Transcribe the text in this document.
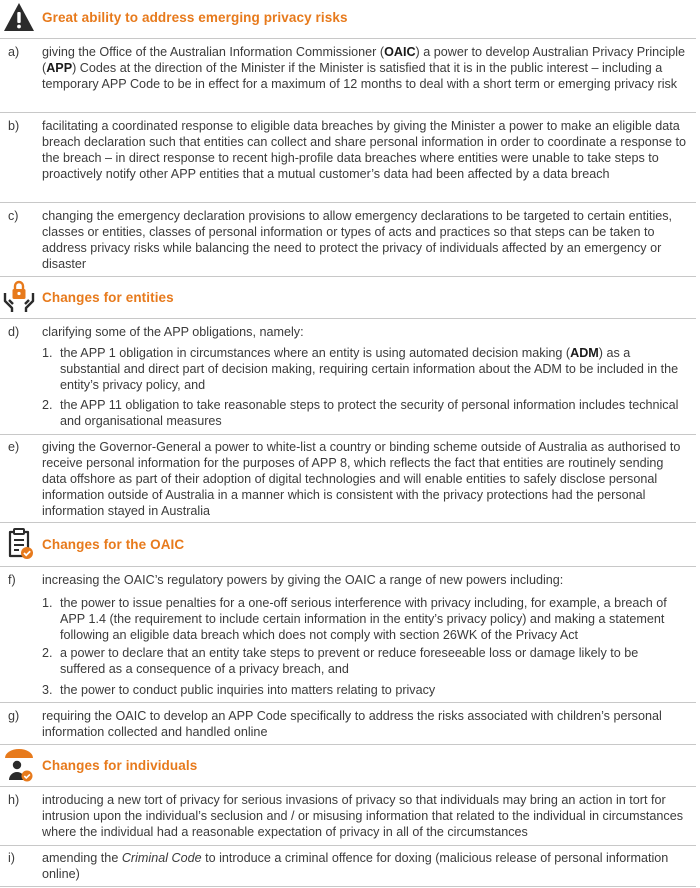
Great ability to address emerging privacy risks
a) giving the Office of the Australian Information Commissioner (OAIC) a power to develop Australian Privacy Principle (APP) Codes at the direction of the Minister if the Minister is satisfied that it is in the public interest – including a temporary APP Code to be in effect for a maximum of 12 months to deal with a short term or emerging privacy risk
b) facilitating a coordinated response to eligible data breaches by giving the Minister a power to make an eligible data breach declaration such that entities can collect and share personal information in order to coordinate a response to the breach – in direct response to recent high-profile data breaches where entities were unable to take steps to proactively notify other APP entities that a mutual customer’s data had been affected by a data breach
c) changing the emergency declaration provisions to allow emergency declarations to be targeted to certain entities, classes or entities, classes of personal information or types of acts and practices so that steps can be taken to address privacy risks while balancing the need to protect the privacy of individuals affected by an emergency or disaster
Changes for entities
d) clarifying some of the APP obligations, namely:
1. the APP 1 obligation in circumstances where an entity is using automated decision making (ADM) as a substantial and direct part of decision making, requiring certain information about the ADM to be included in the entity’s privacy policy, and
2. the APP 11 obligation to take reasonable steps to protect the security of personal information includes technical and organisational measures
e) giving the Governor-General a power to white-list a country or binding scheme outside of Australia as authorised to receive personal information for the purposes of APP 8, which reflects the fact that entities are routinely sending data offshore as part of their adoption of digital technologies and will enable entities to safely disclose personal information outside of Australia in a manner which is consistent with the privacy protections had the personal information stayed in Australia
Changes for the OAIC
f) increasing the OAIC’s regulatory powers by giving the OAIC a range of new powers including:
1. the power to issue penalties for a one-off serious interference with privacy including, for example, a breach of APP 1.4 (the requirement to include certain information in the entity’s privacy policy) and making a statement following an eligible data breach which does not comply with section 26WK of the Privacy Act
2. a power to declare that an entity take steps to prevent or reduce foreseeable loss or damage likely to be suffered as a consequence of a privacy breach, and
3. the power to conduct public inquiries into matters relating to privacy
g) requiring the OAIC to develop an APP Code specifically to address the risks associated with children’s personal information collected and handled online
Changes for individuals
h) introducing a new tort of privacy for serious invasions of privacy so that individuals may bring an action in tort for intrusion upon the individual’s seclusion and / or misusing information that related to the individual in circumstances where the individual had a reasonable expectation of privacy in all of the circumstances
i) amending the Criminal Code to introduce a criminal offence for doxing (malicious release of personal information online)
